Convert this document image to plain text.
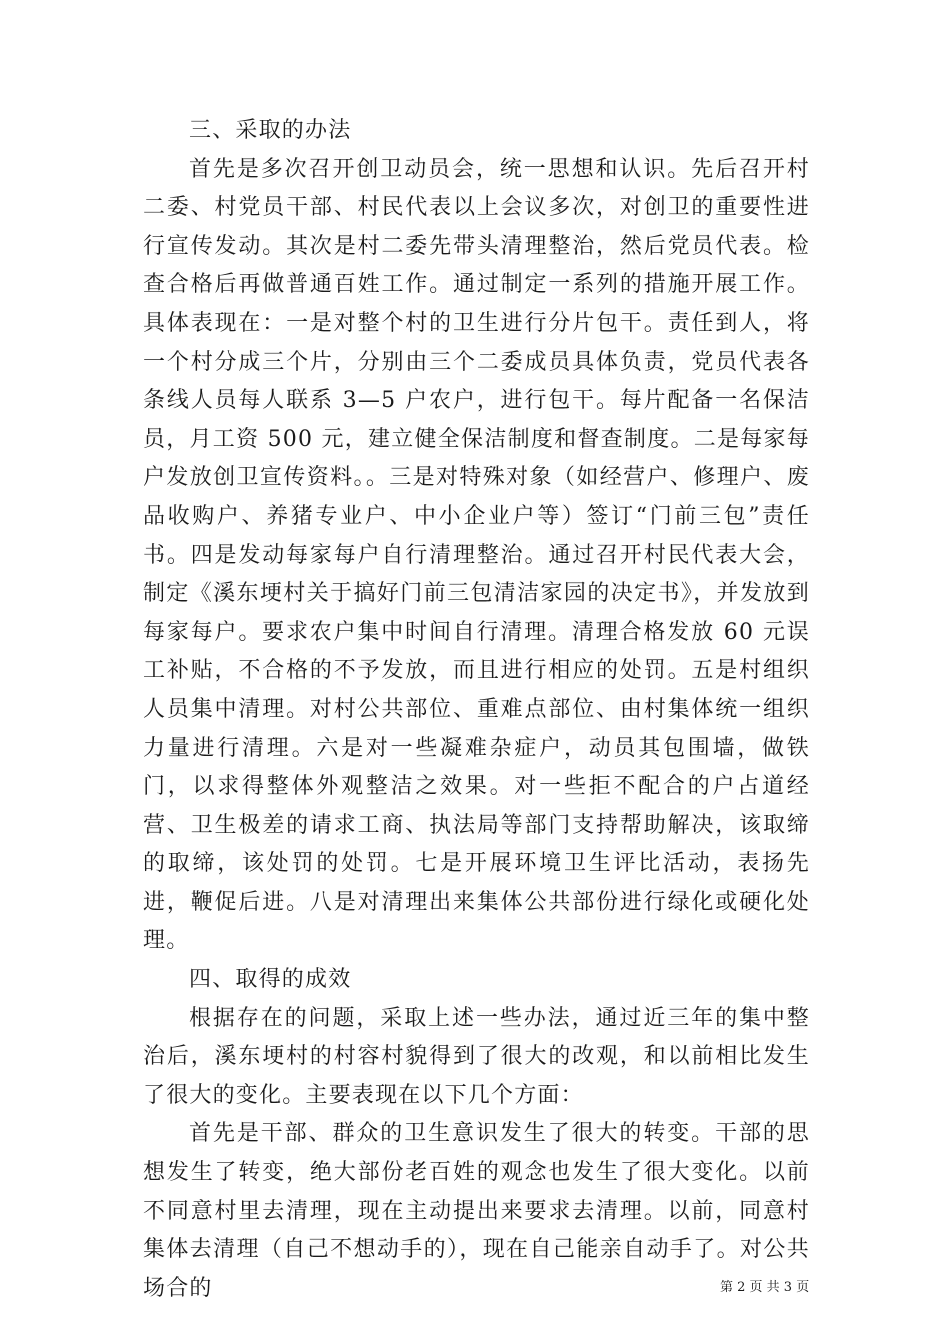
三、采取的办法

首先是多次召开创卫动员会，统一思想和认识。先后召开村二委、村党员干部、村民代表以上会议多次，对创卫的重要性进行宣传发动。其次是村二委先带头清理整治，然后党员代表。检查合格后再做普通百姓工作。通过制定一系列的措施开展工作。具体表现在：一是对整个村的卫生进行分片包干。责任到人，将一个村分成三个片，分别由三个二委成员具体负责，党员代表各条线人员每人联系 3—5 户农户，进行包干。每片配备一名保洁员，月工资 500 元，建立健全保洁制度和督查制度。二是每家每户发放创卫宣传资料。。三是对特殊对象（如经营户、修理户、废品收购户、养猪专业户、中小企业户等）签订“门前三包”责任书。四是发动每家每户自行清理整治。通过召开村民代表大会，制定《溪东埂村关于搞好门前三包清洁家园的决定书》，并发放到每家每户。要求农户集中时间自行清理。清理合格发放 60 元误工补贴，不合格的不予发放，而且进行相应的处罚。五是村组织人员集中清理。对村公共部位、重难点部位、由村集体统一组织力量进行清理。六是对一些凝难杂症户，动员其包围墙，做铁门，以求得整体外观整洁之效果。对一些拒不配合的户占道经营、卫生极差的请求工商、执法局等部门支持帮助解决，该取缔的取缔，该处罚的处罚。七是开展环境卫生评比活动，表扬先进，鞭促后进。八是对清理出来集体公共部份进行绿化或硬化处理。

四、取得的成效

根据存在的问题，采取上述一些办法，通过近三年的集中整治后，溪东埂村的村容村貌得到了很大的改观，和以前相比发生了很大的变化。主要表现在以下几个方面：

首先是干部、群众的卫生意识发生了很大的转变。干部的思想发生了转变，绝大部份老百姓的观念也发生了很大变化。以前不同意村里去清理，现在主动提出来要求去清理。以前，同意村集体去清理（自己不想动手的），现在自己能亲自动手了。对公共场合的	第 2 页 共 3 页
